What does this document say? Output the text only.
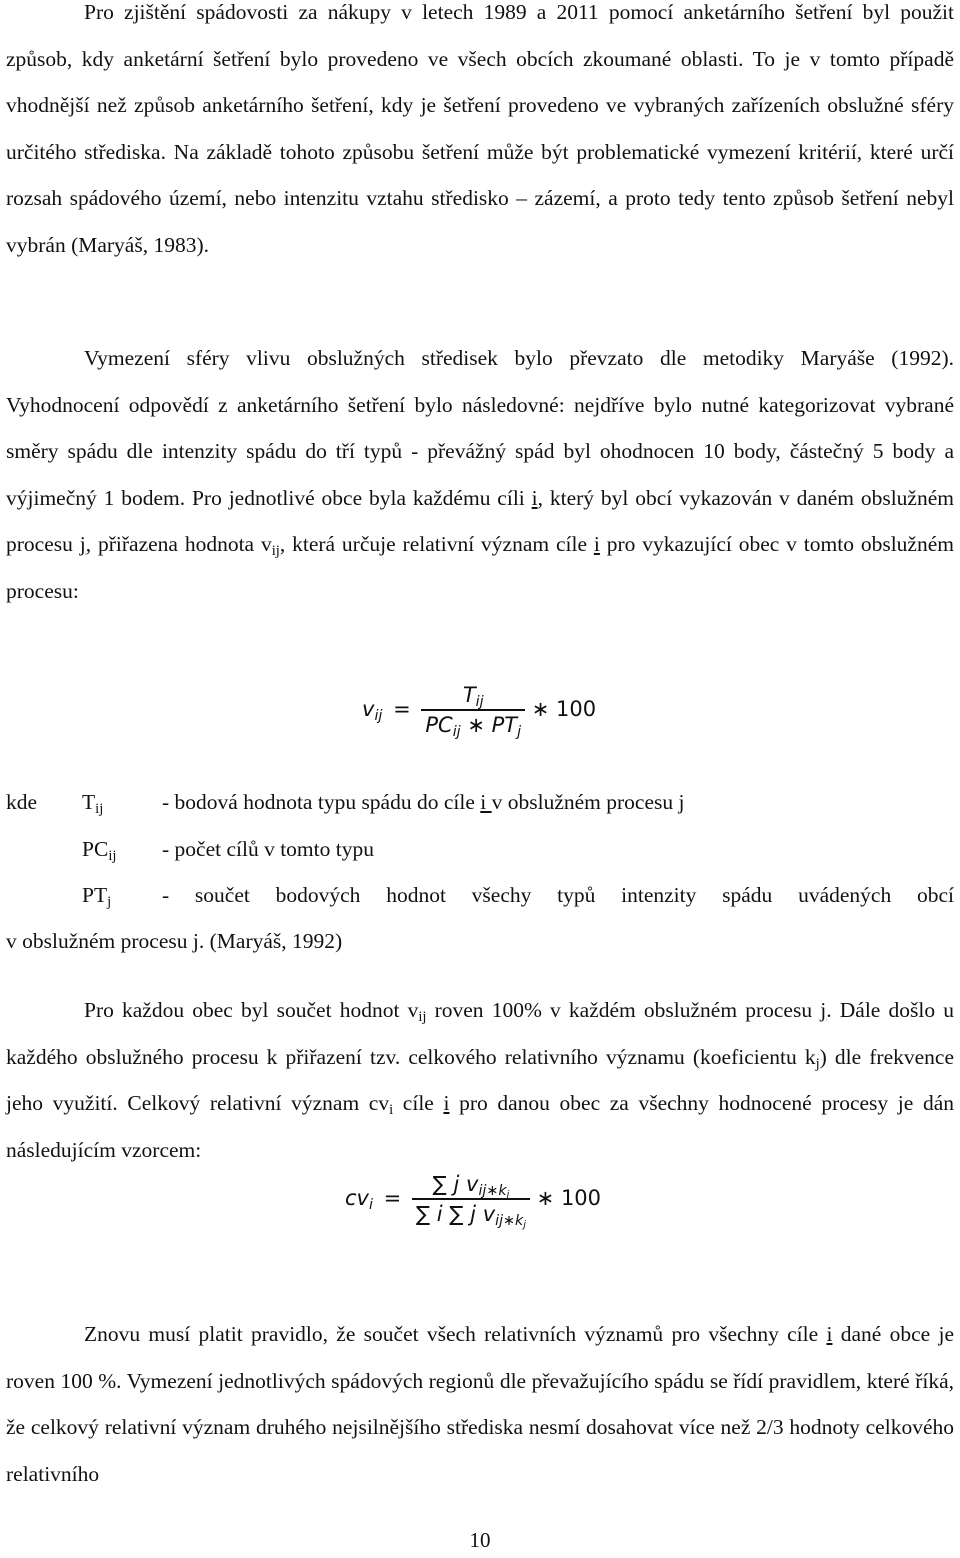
Pro zjištění spádovosti za nákupy v letech 1989 a 2011 pomocí anketárního šetření byl použit způsob, kdy anketární šetření bylo provedeno ve všech obcích zkoumané oblasti. To je v tomto případě vhodnější než způsob anketárního šetření, kdy je šetření provedeno ve vybraných zařízeních obslužné sféry určitého střediska. Na základě tohoto způsobu šetření může být problematické vymezení kritérií, které určí rozsah spádového území, nebo intenzitu vztahu středisko – zázemí, a proto tedy tento způsob šetření nebyl vybrán (Maryáš, 1983).

Vymezení sféry vlivu obslužných středisek bylo převzato dle metodiky Maryáše (1992). Vyhodnocení odpovědí z anketárního šetření bylo následovné: nejdříve bylo nutné kategorizovat vybrané směry spádu dle intenzity spádu do tří typů - převážný spád byl ohodnocen 10 body, částečný 5 body a výjimečný 1 bodem. Pro jednotlivé obce byla každému cíli i, který byl obcí vykazován v daném obslužném procesu j, přiřazena hodnota $v_{ij}$, která určuje relativní význam cíle i pro vykazující obec v tomto obslužném procesu:

$v_{ij} = \frac{T_{ij}}{PC_{ij} ∗ PT_j}$ ∗ 100
kde	$T_{ij}$	- bodová hodnota typu spádu do cíle i v obslužném procesu j
$PC_{ij}$	- počet cílů v tomto typu
$PT_j$	- součet bodových hodnot všechy typů intenzity spádu uvádených obcí
v obslužném procesu j. (Maryáš, 1992)

Pro každou obec byl součet hodnot $v_{ij}$ roven 100% v každém obslužném procesu j. Dále došlo u každého obslužného procesu k přiřazení tzv. celkového relativního významu (koeficientu $k_j$) dle frekvence jeho využití. Celkový relativní význam $cv_i$ cíle i pro danou obec za všechny hodnocené procesy je dán následujícím vzorcem:

$cv_i = \frac{\sum j v_{ij∗k_j}}{\sum i \sum j v_{ij∗k_j}}$ ∗ 100

Znovu musí platit pravidlo, že součet všech relativních významů pro všechny cíle i dané obce je roven 100 %. Vymezení jednotlivých spádových regionů dle převažujícího spádu se řídí pravidlem, které říká, že celkový relativní význam druhého nejsilnějšího střediska nesmí dosahovat více než 2/3 hodnoty celkového relativního

10
